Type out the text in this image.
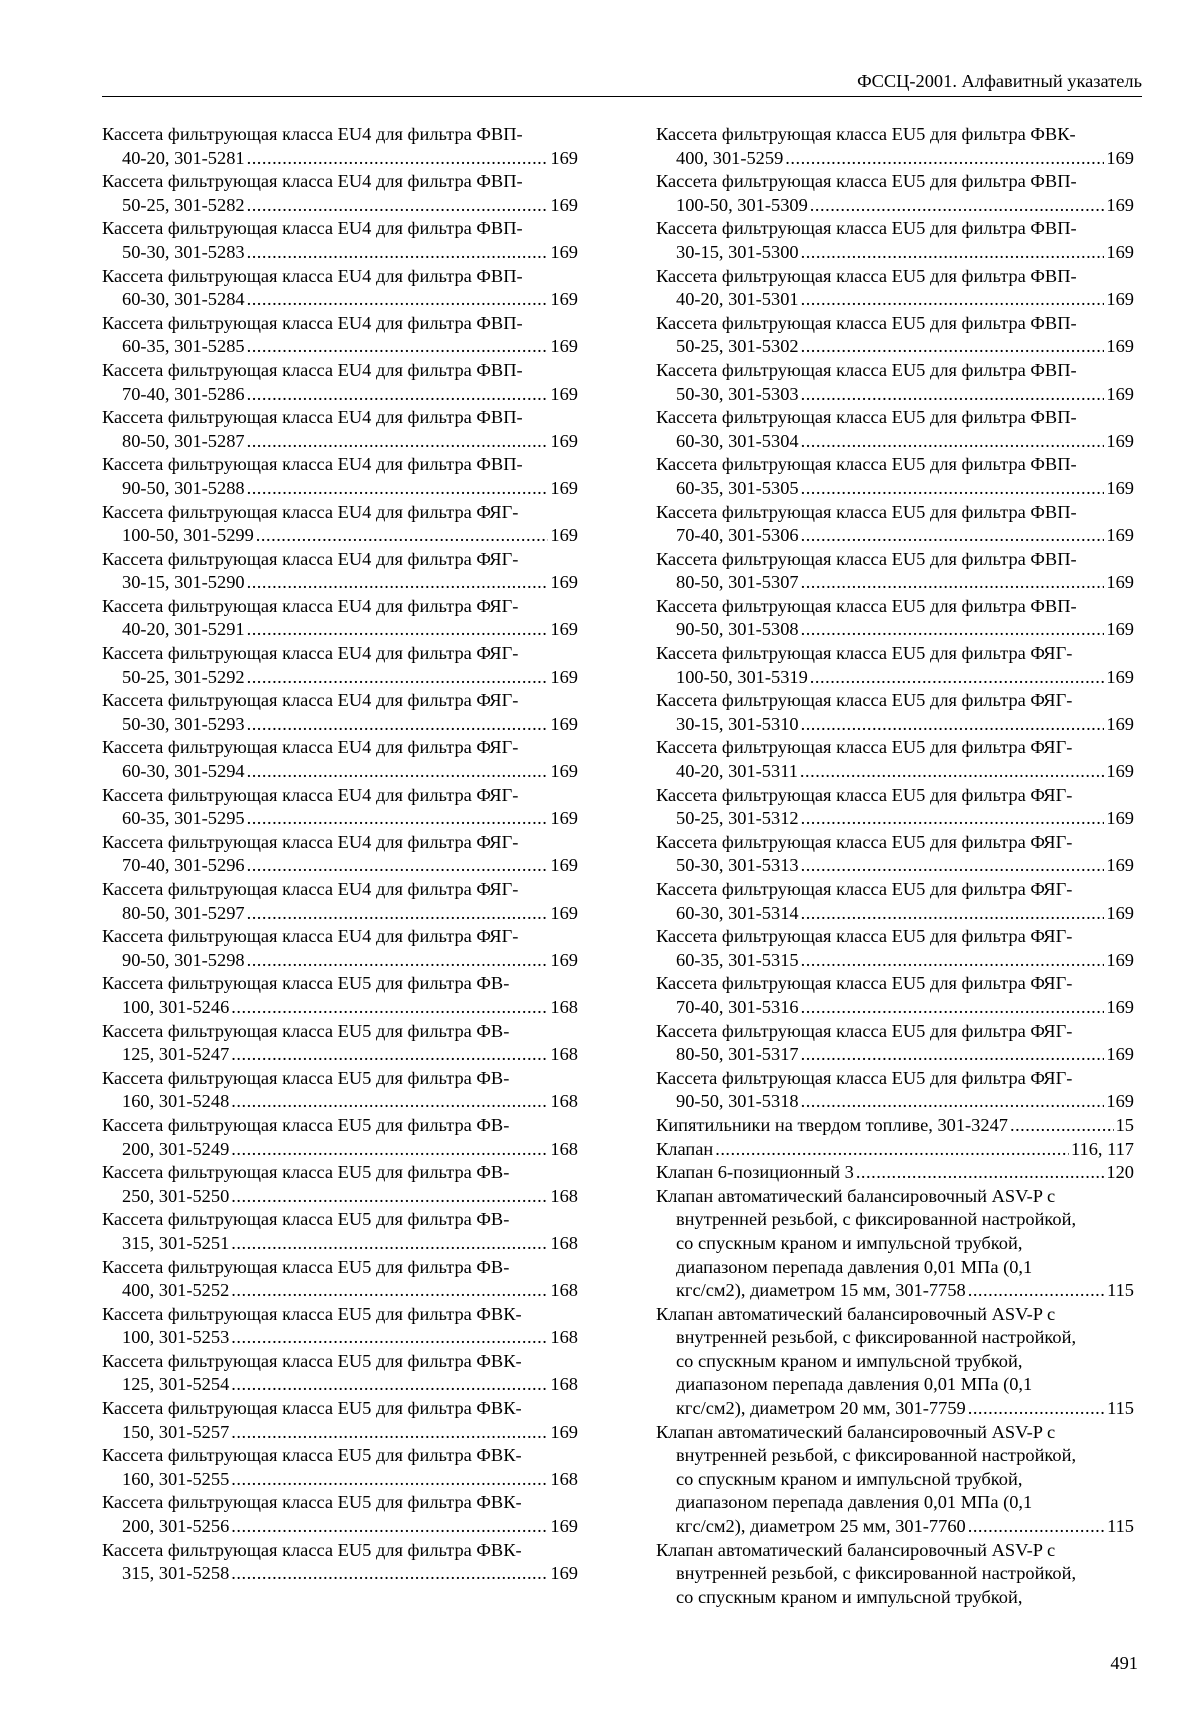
ФССЦ-2001. Алфавитный указатель
Кассета фильтрующая класса EU4 для фильтра ФВП-
40-20, 301-5281 .....	169
Кассета фильтрующая класса EU4 для фильтра ФВП-
50-25, 301-5282 .....	169
Кассета фильтрующая класса EU4 для фильтра ФВП-
50-30, 301-5283 .....	169
Кассета фильтрующая класса EU4 для фильтра ФВП-
60-30, 301-5284 .....	169
Кассета фильтрующая класса EU4 для фильтра ФВП-
60-35, 301-5285 .....	169
Кассета фильтрующая класса EU4 для фильтра ФВП-
70-40, 301-5286 .....	169
Кассета фильтрующая класса EU4 для фильтра ФВП-
80-50, 301-5287 .....	169
Кассета фильтрующая класса EU4 для фильтра ФВП-
90-50, 301-5288 .....	169
Кассета фильтрующая класса EU4 для фильтра ФЯГ-
100-50, 301-5299 .....	169
Кассета фильтрующая класса EU4 для фильтра ФЯГ-
30-15, 301-5290 .....	169
Кассета фильтрующая класса EU4 для фильтра ФЯГ-
40-20, 301-5291 .....	169
Кассета фильтрующая класса EU4 для фильтра ФЯГ-
50-25, 301-5292 .....	169
Кассета фильтрующая класса EU4 для фильтра ФЯГ-
50-30, 301-5293 .....	169
Кассета фильтрующая класса EU4 для фильтра ФЯГ-
60-30, 301-5294 .....	169
Кассета фильтрующая класса EU4 для фильтра ФЯГ-
60-35, 301-5295 .....	169
Кассета фильтрующая класса EU4 для фильтра ФЯГ-
70-40, 301-5296 .....	169
Кассета фильтрующая класса EU4 для фильтра ФЯГ-
80-50, 301-5297 .....	169
Кассета фильтрующая класса EU4 для фильтра ФЯГ-
90-50, 301-5298 .....	169
Кассета фильтрующая класса EU5 для фильтра ФВ-
100, 301-5246 .....	168
Кассета фильтрующая класса EU5 для фильтра ФВ-
125, 301-5247 .....	168
Кассета фильтрующая класса EU5 для фильтра ФВ-
160, 301-5248 .....	168
Кассета фильтрующая класса EU5 для фильтра ФВ-
200, 301-5249 .....	168
Кассета фильтрующая класса EU5 для фильтра ФВ-
250, 301-5250 .....	168
Кассета фильтрующая класса EU5 для фильтра ФВ-
315, 301-5251 .....	168
Кассета фильтрующая класса EU5 для фильтра ФВ-
400, 301-5252 .....	168
Кассета фильтрующая класса EU5 для фильтра ФВК-
100, 301-5253 .....	168
Кассета фильтрующая класса EU5 для фильтра ФВК-
125, 301-5254 .....	168
Кассета фильтрующая класса EU5 для фильтра ФВК-
150, 301-5257 .....	169
Кассета фильтрующая класса EU5 для фильтра ФВК-
160, 301-5255 .....	168
Кассета фильтрующая класса EU5 для фильтра ФВК-
200, 301-5256 .....	169
Кассета фильтрующая класса EU5 для фильтра ФВК-
315, 301-5258 .....	169
Кассета фильтрующая класса EU5 для фильтра ФВК-
400, 301-5259 .....	169
Кассета фильтрующая класса EU5 для фильтра ФВП-
100-50, 301-5309 .....	169
Кассета фильтрующая класса EU5 для фильтра ФВП-
30-15, 301-5300 .....	169
Кассета фильтрующая класса EU5 для фильтра ФВП-
40-20, 301-5301 .....	169
Кассета фильтрующая класса EU5 для фильтра ФВП-
50-25, 301-5302 .....	169
Кассета фильтрующая класса EU5 для фильтра ФВП-
50-30, 301-5303 .....	169
Кассета фильтрующая класса EU5 для фильтра ФВП-
60-30, 301-5304 .....	169
Кассета фильтрующая класса EU5 для фильтра ФВП-
60-35, 301-5305 .....	169
Кассета фильтрующая класса EU5 для фильтра ФВП-
70-40, 301-5306 .....	169
Кассета фильтрующая класса EU5 для фильтра ФВП-
80-50, 301-5307 .....	169
Кассета фильтрующая класса EU5 для фильтра ФВП-
90-50, 301-5308 .....	169
Кассета фильтрующая класса EU5 для фильтра ФЯГ-
100-50, 301-5319 .....	169
Кассета фильтрующая класса EU5 для фильтра ФЯГ-
30-15, 301-5310 .....	169
Кассета фильтрующая класса EU5 для фильтра ФЯГ-
40-20, 301-5311 .....	169
Кассета фильтрующая класса EU5 для фильтра ФЯГ-
50-25, 301-5312 .....	169
Кассета фильтрующая класса EU5 для фильтра ФЯГ-
50-30, 301-5313 .....	169
Кассета фильтрующая класса EU5 для фильтра ФЯГ-
60-30, 301-5314 .....	169
Кассета фильтрующая класса EU5 для фильтра ФЯГ-
60-35, 301-5315 .....	169
Кассета фильтрующая класса EU5 для фильтра ФЯГ-
70-40, 301-5316 .....	169
Кассета фильтрующая класса EU5 для фильтра ФЯГ-
80-50, 301-5317 .....	169
Кассета фильтрующая класса EU5 для фильтра ФЯГ-
90-50, 301-5318 .....	169
Кипятильники на твердом топливе, 301-3247 .....	15
Клапан .....	116, 117
Клапан 6-позиционный 3 .....	120
Клапан автоматический балансировочный ASV-P с
внутренней резьбой, с фиксированной настройкой,
со спускным краном и импульсной трубкой,
диапазоном перепада давления 0,01 МПа (0,1
кгс/см2), диаметром 15 мм, 301-7758 .....	115
Клапан автоматический балансировочный ASV-P с
внутренней резьбой, с фиксированной настройкой,
со спускным краном и импульсной трубкой,
диапазоном перепада давления 0,01 МПа (0,1
кгс/см2), диаметром 20 мм, 301-7759 .....	115
Клапан автоматический балансировочный ASV-P с
внутренней резьбой, с фиксированной настройкой,
со спускным краном и импульсной трубкой,
диапазоном перепада давления 0,01 МПа (0,1
кгс/см2), диаметром 25 мм, 301-7760 .....	115
Клапан автоматический балансировочный ASV-P с
внутренней резьбой, с фиксированной настройкой,
со спускным краном и импульсной трубкой,
491
